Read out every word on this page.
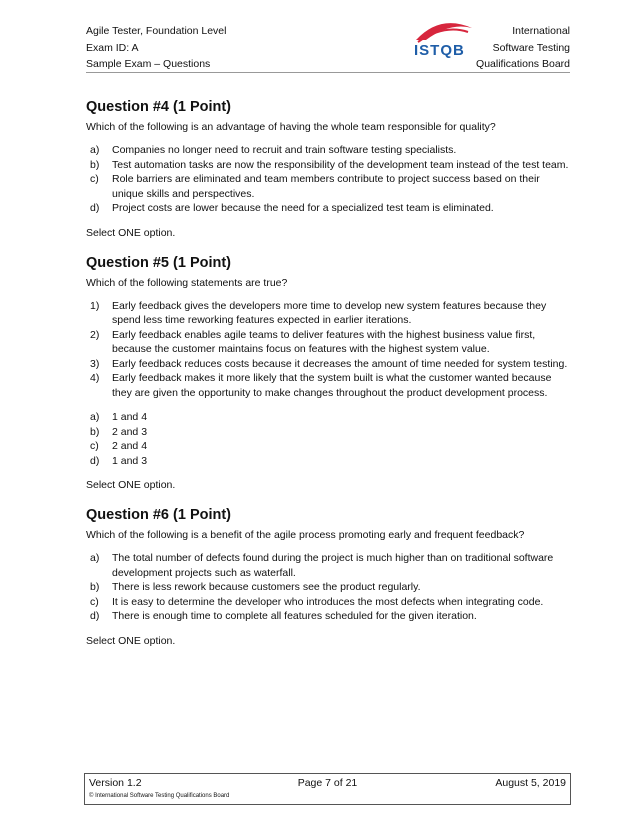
Agile Tester, Foundation Level
Exam ID: A
Sample Exam – Questions
ISTQB
International
Software Testing
Qualifications Board
Question #4 (1 Point)
Which of the following is an advantage of having the whole team responsible for quality?
a)	Companies no longer need to recruit and train software testing specialists.
b)	Test automation tasks are now the responsibility of the development team instead of the test team.
c)	Role barriers are eliminated and team members contribute to project success based on their unique skills and perspectives.
d)	Project costs are lower because the need for a specialized test team is eliminated.
Select ONE option.
Question #5 (1 Point)
Which of the following statements are true?
1)	Early feedback gives the developers more time to develop new system features because they spend less time reworking features expected in earlier iterations.
2)	Early feedback enables agile teams to deliver features with the highest business value first, because the customer maintains focus on features with the highest system value.
3)	Early feedback reduces costs because it decreases the amount of time needed for system testing.
4)	Early feedback makes it more likely that the system built is what the customer wanted because they are given the opportunity to make changes throughout the product development process.
a)	1 and 4
b)	2 and 3
c)	2 and 4
d)	1 and 3
Select ONE option.
Question #6 (1 Point)
Which of the following is a benefit of the agile process promoting early and frequent feedback?
a)	The total number of defects found during the project is much higher than on traditional software development projects such as waterfall.
b)	There is less rework because customers see the product regularly.
c)	It is easy to determine the developer who introduces the most defects when integrating code.
d)	There is enough time to complete all features scheduled for the given iteration.
Select ONE option.
Version 1.2	Page 7 of 21	August 5, 2019
© International Software Testing Qualifications Board
